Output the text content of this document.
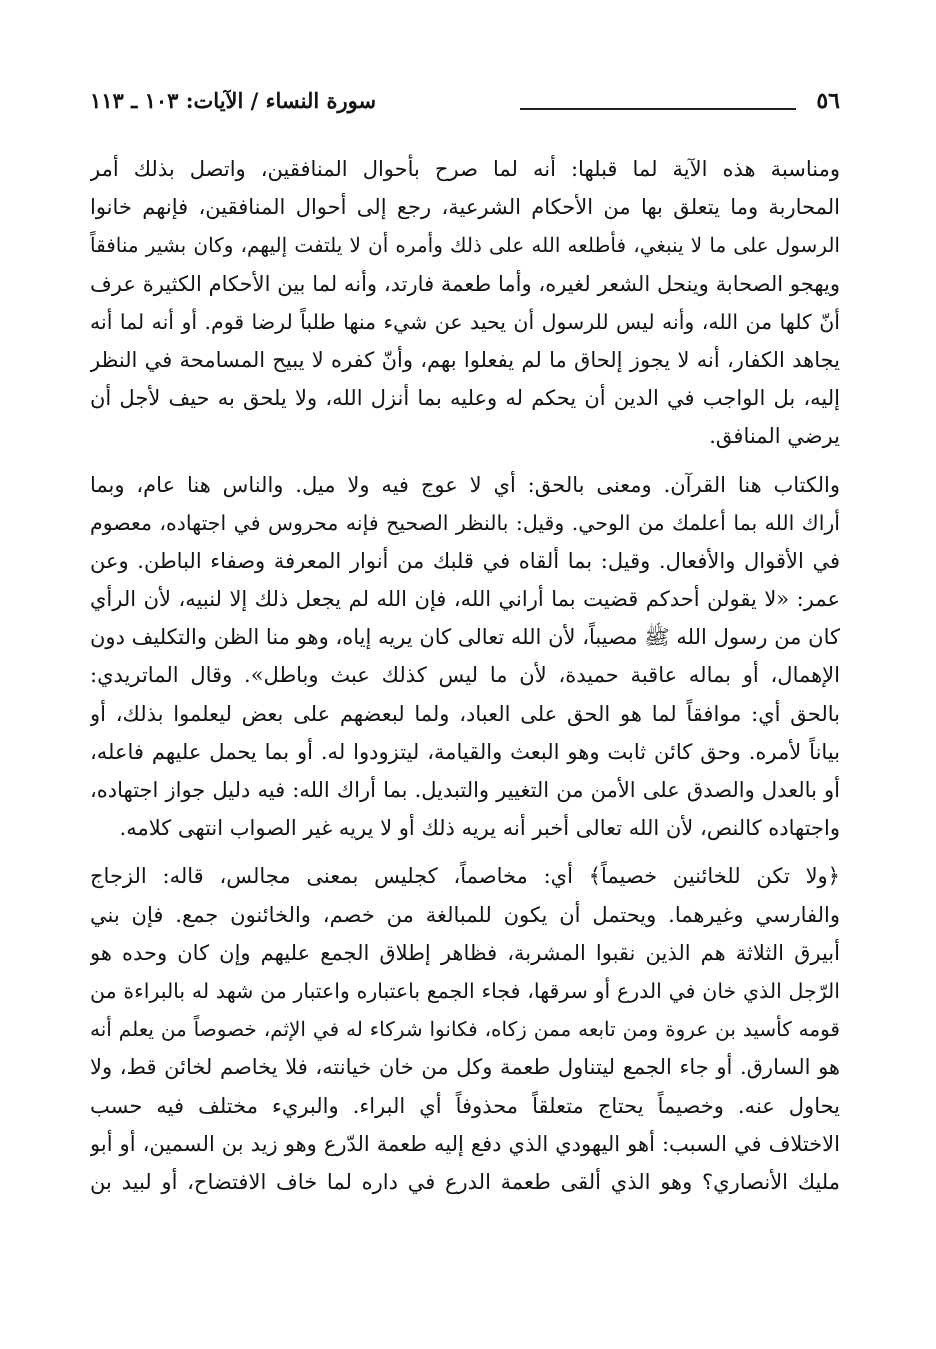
٥٦
سورة النساء / الآيات: ١٠٣ ـ ١١٣
ومناسبة هذه الآية لما قبلها: أنه لما صرح بأحوال المنافقين، واتصل بذلك أمر
المحاربة وما يتعلق بها من الأحكام الشرعية، رجع إلى أحوال المنافقين، فإنهم خانوا
الرسول على ما لا ينبغي، فأطلعه الله على ذلك وأمره أن لا يلتفت إليهم، وكان بشير منافقاً
ويهجو الصحابة وينحل الشعر لغيره، وأما طعمة فارتد، وأنه لما بين الأحكام الكثيرة عرف
أنّ كلها من الله، وأنه ليس للرسول أن يحيد عن شيء منها طلباً لرضا قوم. أو أنه لما أنه
يجاهد الكفار، أنه لا يجوز إلحاق ما لم يفعلوا بهم، وأنّ كفره لا يبيح المسامحة في النظر
إليه، بل الواجب في الدين أن يحكم له وعليه بما أنزل الله، ولا يلحق به حيف لأجل أن
يرضي المنافق.
والكتاب هنا القرآن. ومعنى بالحق: أي لا عوج فيه ولا ميل. والناس هنا عام، وبما
أراك الله بما أعلمك من الوحي. وقيل: بالنظر الصحيح فإنه محروس في اجتهاده، معصوم
في الأقوال والأفعال. وقيل: بما ألقاه في قلبك من أنوار المعرفة وصفاء الباطن. وعن
عمر: «لا يقولن أحدكم قضيت بما أراني الله، فإن الله لم يجعل ذلك إلا لنبيه، لأن الرأي
كان من رسول الله ﷺ مصيباً، لأن الله تعالى كان يريه إياه، وهو منا الظن والتكليف دون
الإهمال، أو بماله عاقبة حميدة، لأن ما ليس كذلك عبث وباطل». وقال الماتريدي:
بالحق أي: موافقاً لما هو الحق على العباد، ولما لبعضهم على بعض ليعلموا بذلك، أو
بياناً لأمره. وحق كائن ثابت وهو البعث والقيامة، ليتزودوا له. أو بما يحمل عليهم فاعله،
أو بالعدل والصدق على الأمن من التغيير والتبديل. بما أراك الله: فيه دليل جواز اجتهاده،
واجتهاده كالنص، لأن الله تعالى أخبر أنه يريه ذلك أو لا يريه غير الصواب انتهى كلامه.
﴿ولا تكن للخائنين خصيماً﴾ أي: مخاصماً، كجليس بمعنى مجالس، قاله: الزجاج
والفارسي وغيرهما. ويحتمل أن يكون للمبالغة من خصم، والخائنون جمع. فإن بني
أبيرق الثلاثة هم الذين نقبوا المشربة، فظاهر إطلاق الجمع عليهم وإن كان وحده هو
الرّجل الذي خان في الدرع أو سرقها، فجاء الجمع باعتباره واعتبار من شهد له بالبراءة من
قومه كأسيد بن عروة ومن تابعه ممن زكاه، فكانوا شركاء له في الإثم، خصوصاً من يعلم أنه
هو السارق. أو جاء الجمع ليتناول طعمة وكل من خان خيانته، فلا يخاصم لخائن قط، ولا
يحاول عنه. وخصيماً يحتاج متعلقاً محذوفاً أي البراء. والبريء مختلف فيه حسب
الاختلاف في السبب: أهو اليهودي الذي دفع إليه طعمة الدّرع وهو زيد بن السمين، أو أبو
مليك الأنصاري؟ وهو الذي ألقى طعمة الدرع في داره لما خاف الافتضاح، أو لبيد بن
